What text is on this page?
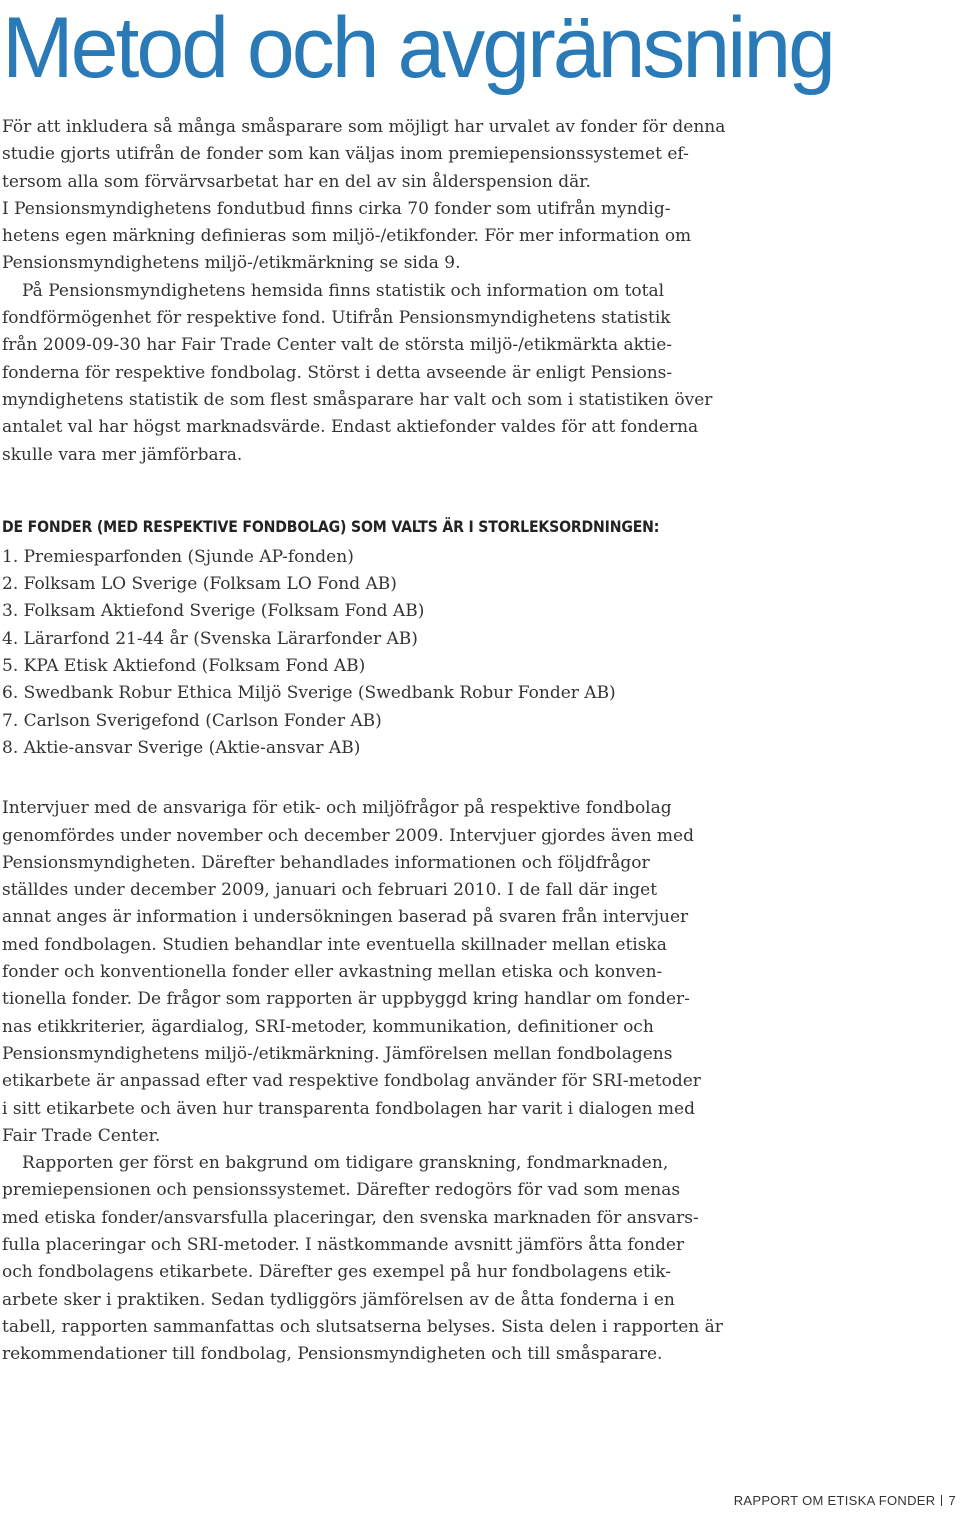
Metod och avgränsning

För att inkludera så många småsparare som möjligt har urvalet av fonder för denna
studie gjorts utifrån de fonder som kan väljas inom premiepensionssystemet ef-
tersom alla som förvärvsarbetat har en del av sin ålderspension där.
I Pensionsmyndighetens fondutbud finns cirka 70 fonder som utifrån myndig-
hetens egen märkning definieras som miljö-/etikfonder. För mer information om
Pensionsmyndighetens miljö-/etikmärkning se sida 9.

På Pensionsmyndighetens hemsida finns statistik och information om total
fondförmögenhet för respektive fond. Utifrån Pensionsmyndighetens statistik
från 2009-09-30 har Fair Trade Center valt de största miljö-/etikmärkta aktie-
fonderna för respektive fondbolag. Störst i detta avseende är enligt Pensions-
myndighetens statistik de som flest småsparare har valt och som i statistiken över
antalet val har högst marknadsvärde. Endast aktiefonder valdes för att fonderna
skulle vara mer jämförbara.

DE FONDER (MED RESPEKTIVE FONDBOLAG) SOM VALTS ÄR I STORLEKSORDNINGEN:
1. Premiesparfonden (Sjunde AP-fonden)
2. Folksam LO Sverige (Folksam LO Fond AB)
3. Folksam Aktiefond Sverige (Folksam Fond AB)
4. Lärarfond 21-44 år (Svenska Lärarfonder AB)
5. KPA Etisk Aktiefond (Folksam Fond AB)
6. Swedbank Robur Ethica Miljö Sverige (Swedbank Robur Fonder AB)
7. Carlson Sverigefond (Carlson Fonder AB)
8. Aktie-ansvar Sverige (Aktie-ansvar AB)

Intervjuer med de ansvariga för etik- och miljöfrågor på respektive fondbolag
genomfördes under november och december 2009. Intervjuer gjordes även med
Pensionsmyndigheten. Därefter behandlades informationen och följdfrågor
ställdes under december 2009, januari och februari 2010. I de fall där inget
annat anges är information i undersökningen baserad på svaren från intervjuer
med fondbolagen. Studien behandlar inte eventuella skillnader mellan etiska
fonder och konventionella fonder eller avkastning mellan etiska och konven-
tionella fonder. De frågor som rapporten är uppbyggd kring handlar om fonder-
nas etikkriterier, ägardialog, SRI-metoder, kommunikation, definitioner och
Pensionsmyndighetens miljö-/etikmärkning. Jämförelsen mellan fondbolagens
etikarbete är anpassad efter vad respektive fondbolag använder för SRI-metoder
i sitt etikarbete och även hur transparenta fondbolagen har varit i dialogen med
Fair Trade Center.

Rapporten ger först en bakgrund om tidigare granskning, fondmarknaden,
premiepensionen och pensionssystemet. Därefter redogörs för vad som menas
med etiska fonder/ansvarsfulla placeringar, den svenska marknaden för ansvars-
fulla placeringar och SRI-metoder. I nästkommande avsnitt jämförs åtta fonder
och fondbolagens etikarbete. Därefter ges exempel på hur fondbolagens etik-
arbete sker i praktiken. Sedan tydliggörs jämförelsen av de åtta fonderna i en
tabell, rapporten sammanfattas och slutsatserna belyses. Sista delen i rapporten är
rekommendationer till fondbolag, Pensionsmyndigheten och till småsparare.

RAPPORT OM ETISKA FONDER 7
